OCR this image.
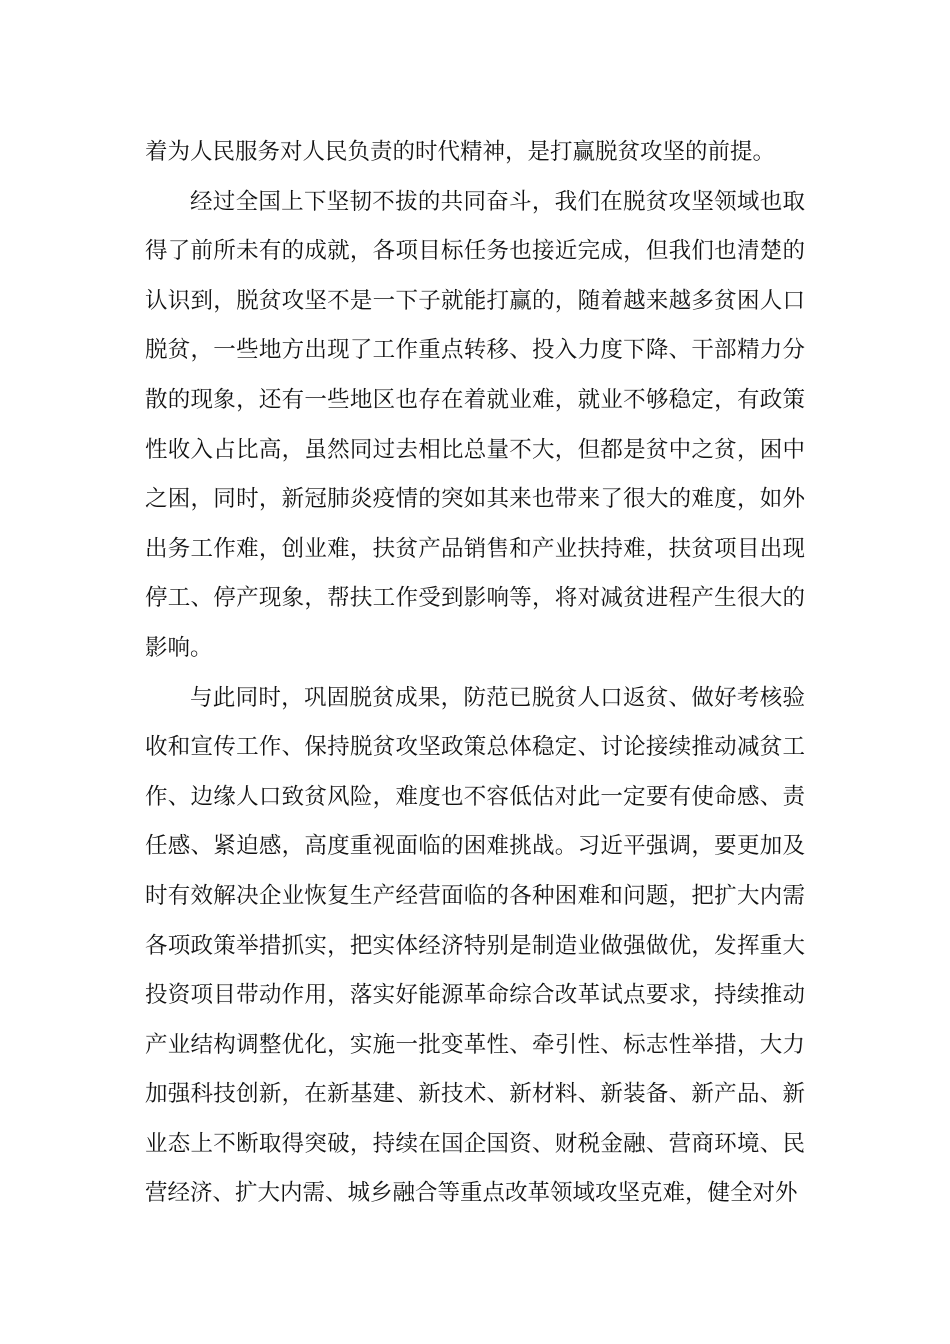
着为人民服务对人民负责的时代精神，是打赢脱贫攻坚的前提。

经过全国上下坚韧不拔的共同奋斗，我们在脱贫攻坚领域也取得了前所未有的成就，各项目标任务也接近完成，但我们也清楚的认识到，脱贫攻坚不是一下子就能打赢的，随着越来越多贫困人口脱贫，一些地方出现了工作重点转移、投入力度下降、干部精力分散的现象，还有一些地区也存在着就业难，就业不够稳定，有政策性收入占比高，虽然同过去相比总量不大，但都是贫中之贫，困中之困，同时，新冠肺炎疫情的突如其来也带来了很大的难度，如外出务工作难，创业难，扶贫产品销售和产业扶持难，扶贫项目出现停工、停产现象，帮扶工作受到影响等，将对减贫进程产生很大的影响。

与此同时，巩固脱贫成果，防范已脱贫人口返贫、做好考核验收和宣传工作、保持脱贫攻坚政策总体稳定、讨论接续推动减贫工作、边缘人口致贫风险，难度也不容低估对此一定要有使命感、责任感、紧迫感，高度重视面临的困难挑战。习近平强调，要更加及时有效解决企业恢复生产经营面临的各种困难和问题，把扩大内需各项政策举措抓实，把实体经济特别是制造业做强做优，发挥重大投资项目带动作用，落实好能源革命综合改革试点要求，持续推动产业结构调整优化，实施一批变革性、牵引性、标志性举措，大力加强科技创新，在新基建、新技术、新材料、新装备、新产品、新业态上不断取得突破，持续在国企国资、财税金融、营商环境、民营经济、扩大内需、城乡融合等重点改革领域攻坚克难，健全对外
